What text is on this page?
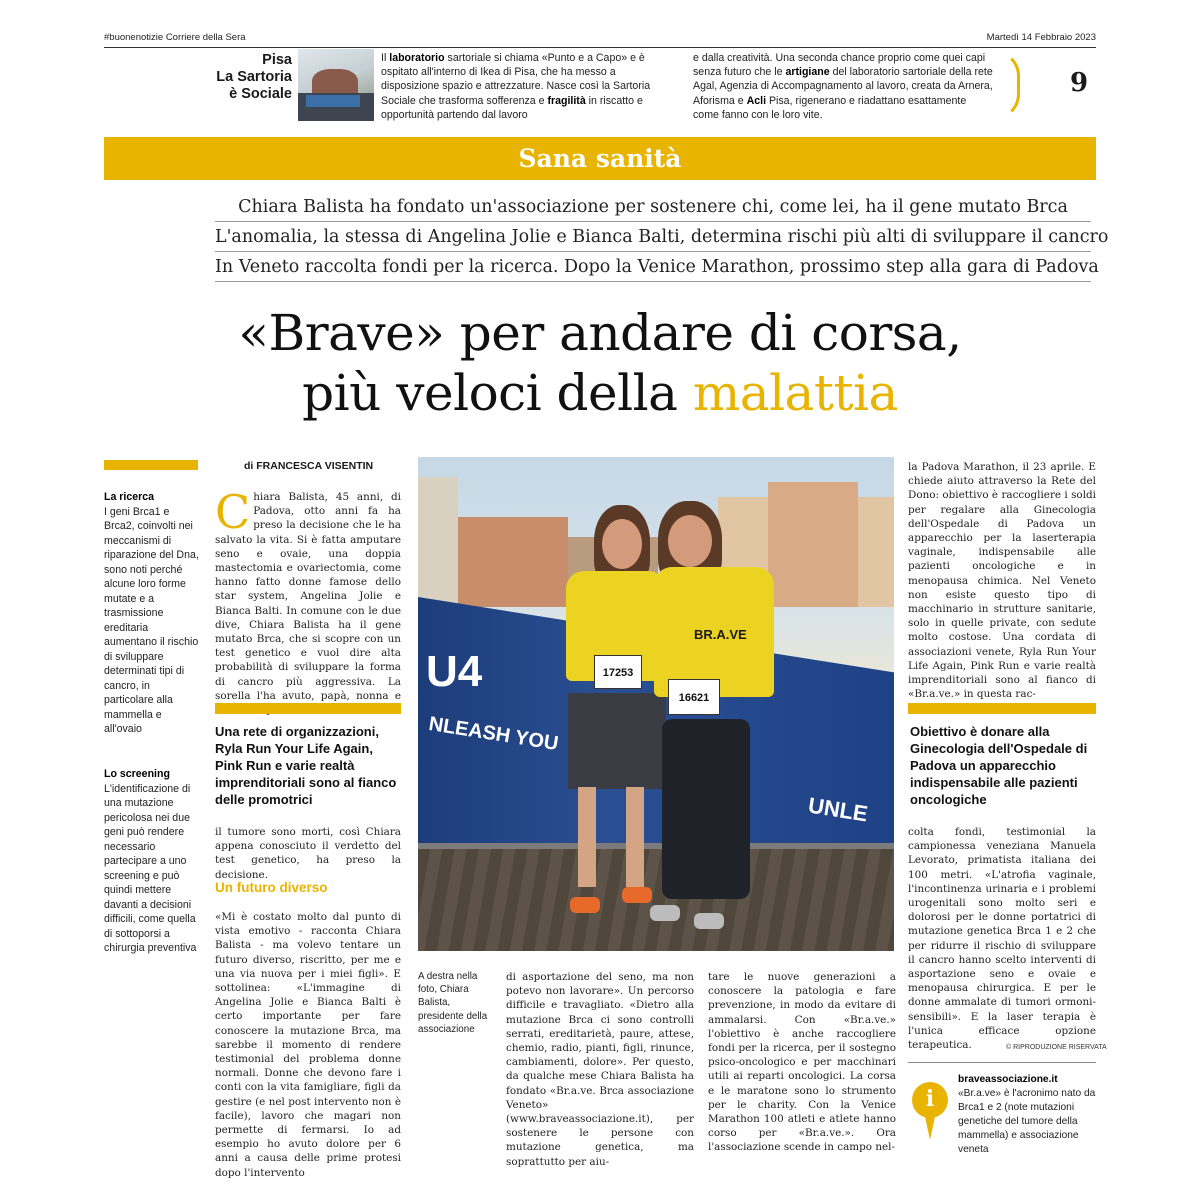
#buonenotizie Corriere della Sera	Martedì 14 Febbraio 2023
Pisa
La Sartoria
è Sociale
Il laboratorio sartoriale si chiama «Punto e a Capo» e è ospitato all'interno di Ikea di Pisa, che ha messo a disposizione spazio e attrezzature. Nasce così la Sartoria Sociale che trasforma sofferenza e fragilità in riscatto e opportunità partendo dal lavoro
e dalla creatività. Una seconda chance proprio come quei capi senza futuro che le artigiane del laboratorio sartoriale della rete Agal, Agenzia di Accompagnamento al lavoro, creata da Arnera, Aforisma e Acli Pisa, rigenerano e riadattano esattamente come fanno con le loro vite.
9
Sana sanità
Chiara Balista ha fondato un'associazione per sostenere chi, come lei, ha il gene mutato Brca
L'anomalia, la stessa di Angelina Jolie e Bianca Balti, determina rischi più alti di sviluppare il cancro
In Veneto raccolta fondi per la ricerca. Dopo la Venice Marathon, prossimo step alla gara di Padova
«Brave» per andare di corsa,
più veloci della malattia
La ricerca

I geni Brca1 e Brca2, coinvolti nei meccanismi di riparazione del Dna, sono noti perché alcune loro forme mutate e a trasmissione ereditaria aumentano il rischio di sviluppare determinati tipi di cancro, in particolare alla mammella e all'ovaio

Lo screening

L'identificazione di una mutazione pericolosa nei due geni può rendere necessario partecipare a uno screening e può quindi mettere davanti a decisioni difficili, come quella di sottoporsi a chirurgia preventiva

di FRANCESCA VISENTIN
Chiara Balista, 45 anni, di Padova, otto anni fa ha preso la decisione che le ha salvato la vita. Si è fatta amputare seno e ovaie, una doppia mastectomia e ovariectomia, come hanno fatto donne famose dello star system, Angelina Jolie e Bianca Balti. In comune con le due dive, Chiara Balista ha il gene mutato Brca, che si scopre con un test genetico e vuol dire alta probabilità di sviluppare la forma di cancro più aggressiva. La sorella l'ha avuto, papà, nonna e
Una rete di organizzazioni, Ryla Run Your Life Again, Pink Run e varie realtà imprenditoriali sono al fianco delle promotrici
il tumore sono morti, così Chiara appena conosciuto il verdetto del test genetico, ha preso la decisione.
Un futuro diverso
«Mi è costato molto dal punto di vista emotivo - racconta Chiara Balista - ma volevo tentare un futuro diverso, riscritto, per me e una via nuova per i miei figli». E sottolinea: «L'immagine di Angelina Jolie e Bianca Balti è certo importante per fare conoscere la mutazione Brca, ma sarebbe il momento di rendere testimonial del problema donne normali. Donne che devono fare i conti con la vita famigliare, figli da gestire (e nel post intervento non è facile), lavoro che magari non permette di fermarsi. Io ad esempio ho avuto dolore per 6 anni a causa delle prime protesi dopo l'intervento
U4
NLEASH YOU
UNLE
17253
BR.A.VE
16621
A destra nella foto, Chiara Balista, presidente della associazione
di asportazione del seno, ma non potevo non lavorare». Un percorso difficile e travagliato. «Dietro alla mutazione Brca ci sono controlli serrati, ereditarietà, paure, attese, chemio, radio, pianti, figli, rinunce, cambiamenti, dolore». Per questo, da qualche mese Chiara Balista ha fondato «Br.a.ve. Brca associazione Veneto» (www.braveassociazione.it), per sostenere le persone con mutazione genetica, ma soprattutto per aiu-
tare le nuove generazioni a conoscere la patologia e fare prevenzione, in modo da evitare di ammalarsi. Con «Br.a.ve.» l'obiettivo è anche raccogliere fondi per la ricerca, per il sostegno psico-oncologico e per macchinari utili ai reparti oncologici. La corsa e le maratone sono lo strumento per le charity. Con la Venice Marathon 100 atleti e atlete hanno corso per «Br.a.ve.». Ora l'associazione scende in campo nel-
la Padova Marathon, il 23 aprile. E chiede aiuto attraverso la Rete del Dono: obiettivo è raccogliere i soldi per regalare alla Ginecologia dell'Ospedale di Padova un apparecchio per la laserterapia vaginale, indispensabile alle pazienti oncologiche e in menopausa chimica. Nel Veneto non esiste questo tipo di macchinario in strutture sanitarie, solo in quelle private, con sedute molto costose. Una cordata di associazioni venete, Ryla Run Your Life Again, Pink Run e varie realtà imprenditoriali sono al fianco di «Br.a.ve.» in questa rac-
Obiettivo è donare alla Ginecologia dell'Ospedale di Padova un apparecchio indispensabile alle pazienti oncologiche
colta fondi, testimonial la campionessa veneziana Manuela Levorato, primatista italiana dei 100 metri. «L'atrofia vaginale, l'incontinenza urinaria e i problemi urogenitali sono molto seri e dolorosi per le donne portatrici di mutazione genetica Brca 1 e 2 che per ridurre il rischio di sviluppare il cancro hanno scelto interventi di asportazione seno e ovaie e menopausa chirurgica. E per le donne ammalate di tumori ormoni-sensibili». E la laser terapia è l'unica efficace opzione terapeutica.	© RIPRODUZIONE RISERVATA
i
braveassociazione.it
«Br.a.ve» è l'acronimo nato da Brca1 e 2 (note mutazioni genetiche del tumore della mammella) e associazione veneta
